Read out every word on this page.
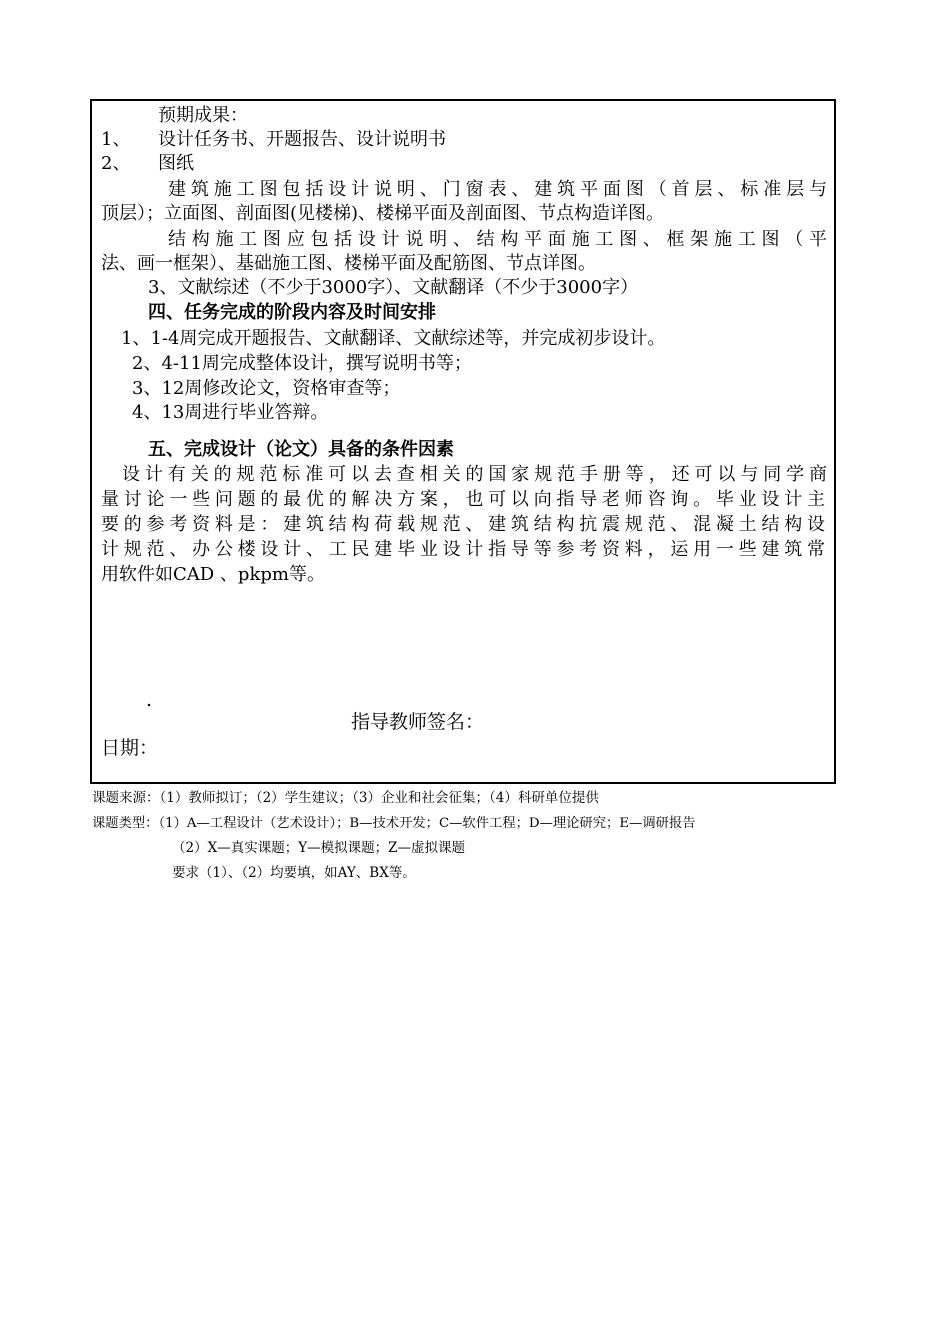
预期成果：
1、 设计任务书、开题报告、设计说明书
2、 图纸
建筑施工图包括设计说明、门窗表、建筑平面图（首层、标准层与
顶层）；立面图、剖面图(见楼梯)、楼梯平面及剖面图、节点构造详图。
结构施工图应包括设计说明、结构平面施工图、框架施工图（平
法、画一框架）、基础施工图、楼梯平面及配筋图、节点详图。
3、文献综述（不少于3000字）、文献翻译（不少于3000字）
四、任务完成的阶段内容及时间安排
1、1-4周完成开题报告、文献翻译、文献综述等，并完成初步设计。
2、4-11周完成整体设计，撰写说明书等；
3、12周修改论文，资格审查等；
4、13周进行毕业答辩。
五、完成设计（论文）具备的条件因素
设计有关的规范标准可以去查相关的国家规范手册等，还可以与同学商
量讨论一些问题的最优的解决方案，也可以向指导老师咨询。毕业设计主
要的参考资料是：建筑结构荷载规范、建筑结构抗震规范、混凝土结构设
计规范、办公楼设计、工民建毕业设计指导等参考资料，运用一些建筑常
用软件如CAD 、pkpm等。
.
指导教师签名：
日期：
课题来源：（1）教师拟订；（2）学生建议；（3）企业和社会征集；（4）科研单位提供
课题类型：（1）A—工程设计（艺术设计）；B—技术开发；C—软件工程；D—理论研究；E—调研报告
（2）X—真实课题；Y—模拟课题；Z—虚拟课题
要求（1）、（2）均要填，如AY、BX等。
